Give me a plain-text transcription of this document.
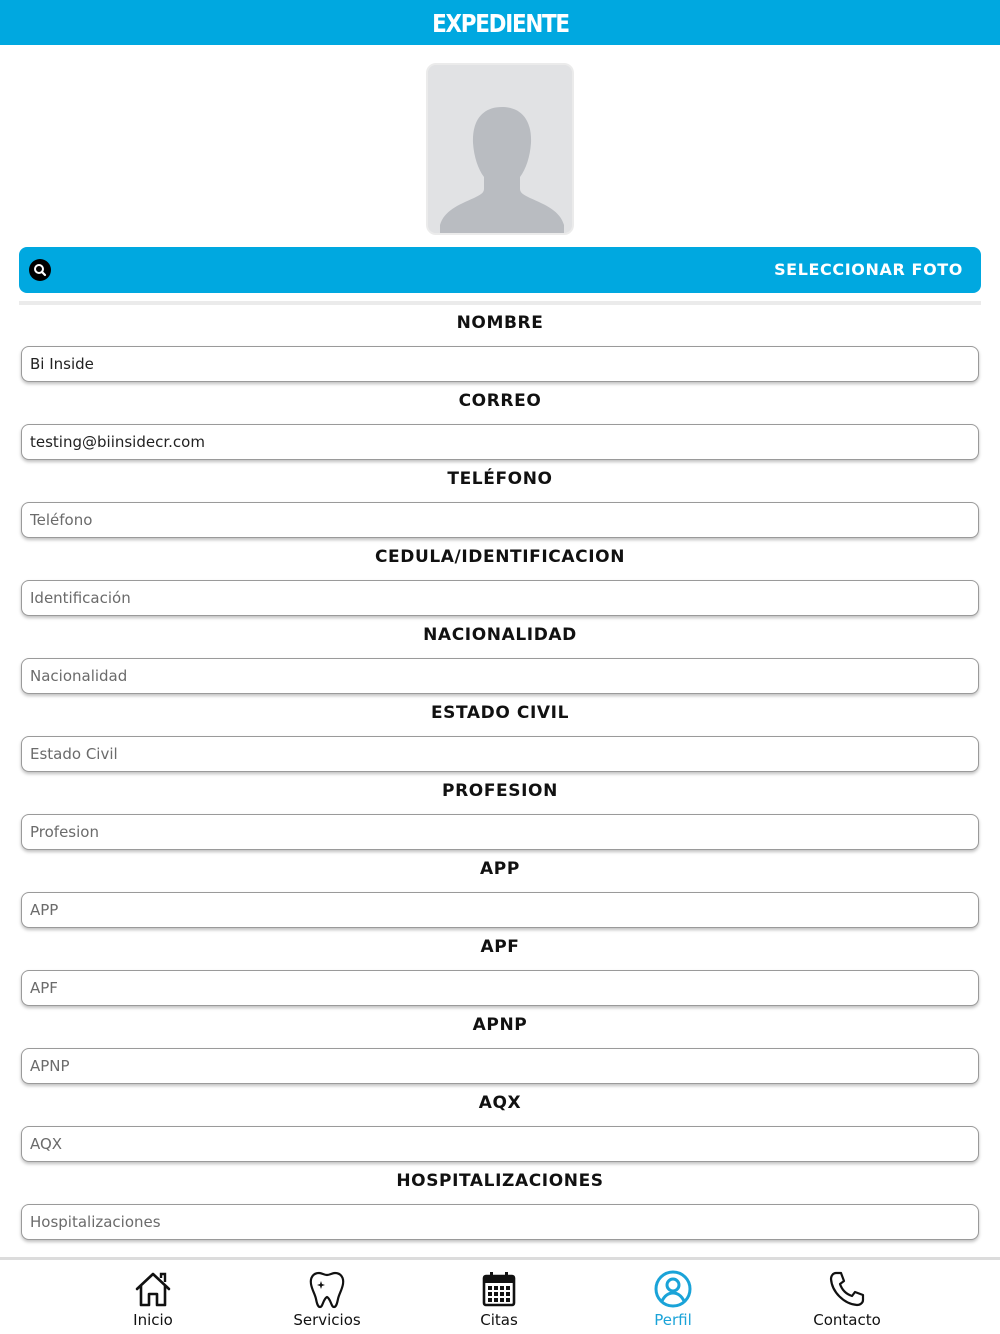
EXPEDIENTE
SELECCIONAR FOTO
NOMBRE
Bi Inside
CORREO
testing@biinsidecr.com
TELÉFONO
Teléfono
CEDULA/IDENTIFICACION
Identificación
NACIONALIDAD
Nacionalidad
ESTADO CIVIL
Estado Civil
PROFESION
Profesion
APP
APP
APF
APF
APNP
APNP
AQX
AQX
HOSPITALIZACIONES
Hospitalizaciones
Inicio	Servicios	Citas	Perfil	Contacto
